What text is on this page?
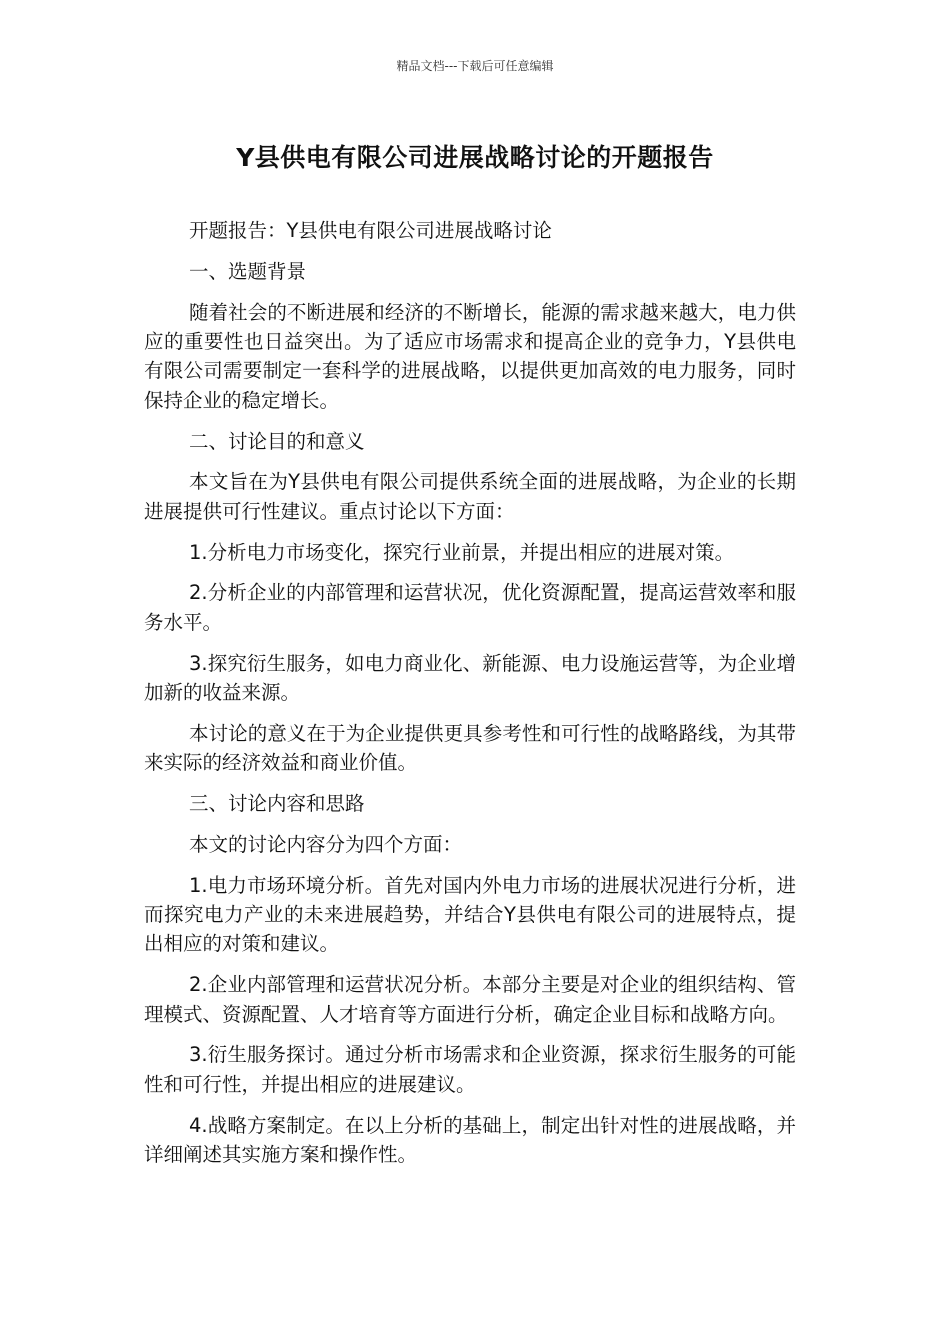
精品文档---下载后可任意编辑
Y县供电有限公司进展战略讨论的开题报告

开题报告：Y县供电有限公司进展战略讨论

一、选题背景

随着社会的不断进展和经济的不断增长，能源的需求越来越大，电力供应的重要性也日益突出。为了适应市场需求和提高企业的竞争力，Y县供电有限公司需要制定一套科学的进展战略，以提供更加高效的电力服务，同时保持企业的稳定增长。

二、讨论目的和意义

本文旨在为Y县供电有限公司提供系统全面的进展战略，为企业的长期进展提供可行性建议。重点讨论以下方面：

1.分析电力市场变化，探究行业前景，并提出相应的进展对策。

2.分析企业的内部管理和运营状况，优化资源配置，提高运营效率和服务水平。

3.探究衍生服务，如电力商业化、新能源、电力设施运营等，为企业增加新的收益来源。

本讨论的意义在于为企业提供更具参考性和可行性的战略路线，为其带来实际的经济效益和商业价值。

三、讨论内容和思路

本文的讨论内容分为四个方面：

1.电力市场环境分析。首先对国内外电力市场的进展状况进行分析，进而探究电力产业的未来进展趋势，并结合Y县供电有限公司的进展特点，提出相应的对策和建议。

2.企业内部管理和运营状况分析。本部分主要是对企业的组织结构、管理模式、资源配置、人才培育等方面进行分析，确定企业目标和战略方向。

3.衍生服务探讨。通过分析市场需求和企业资源，探求衍生服务的可能性和可行性，并提出相应的进展建议。

4.战略方案制定。在以上分析的基础上，制定出针对性的进展战略，并详细阐述其实施方案和操作性。
